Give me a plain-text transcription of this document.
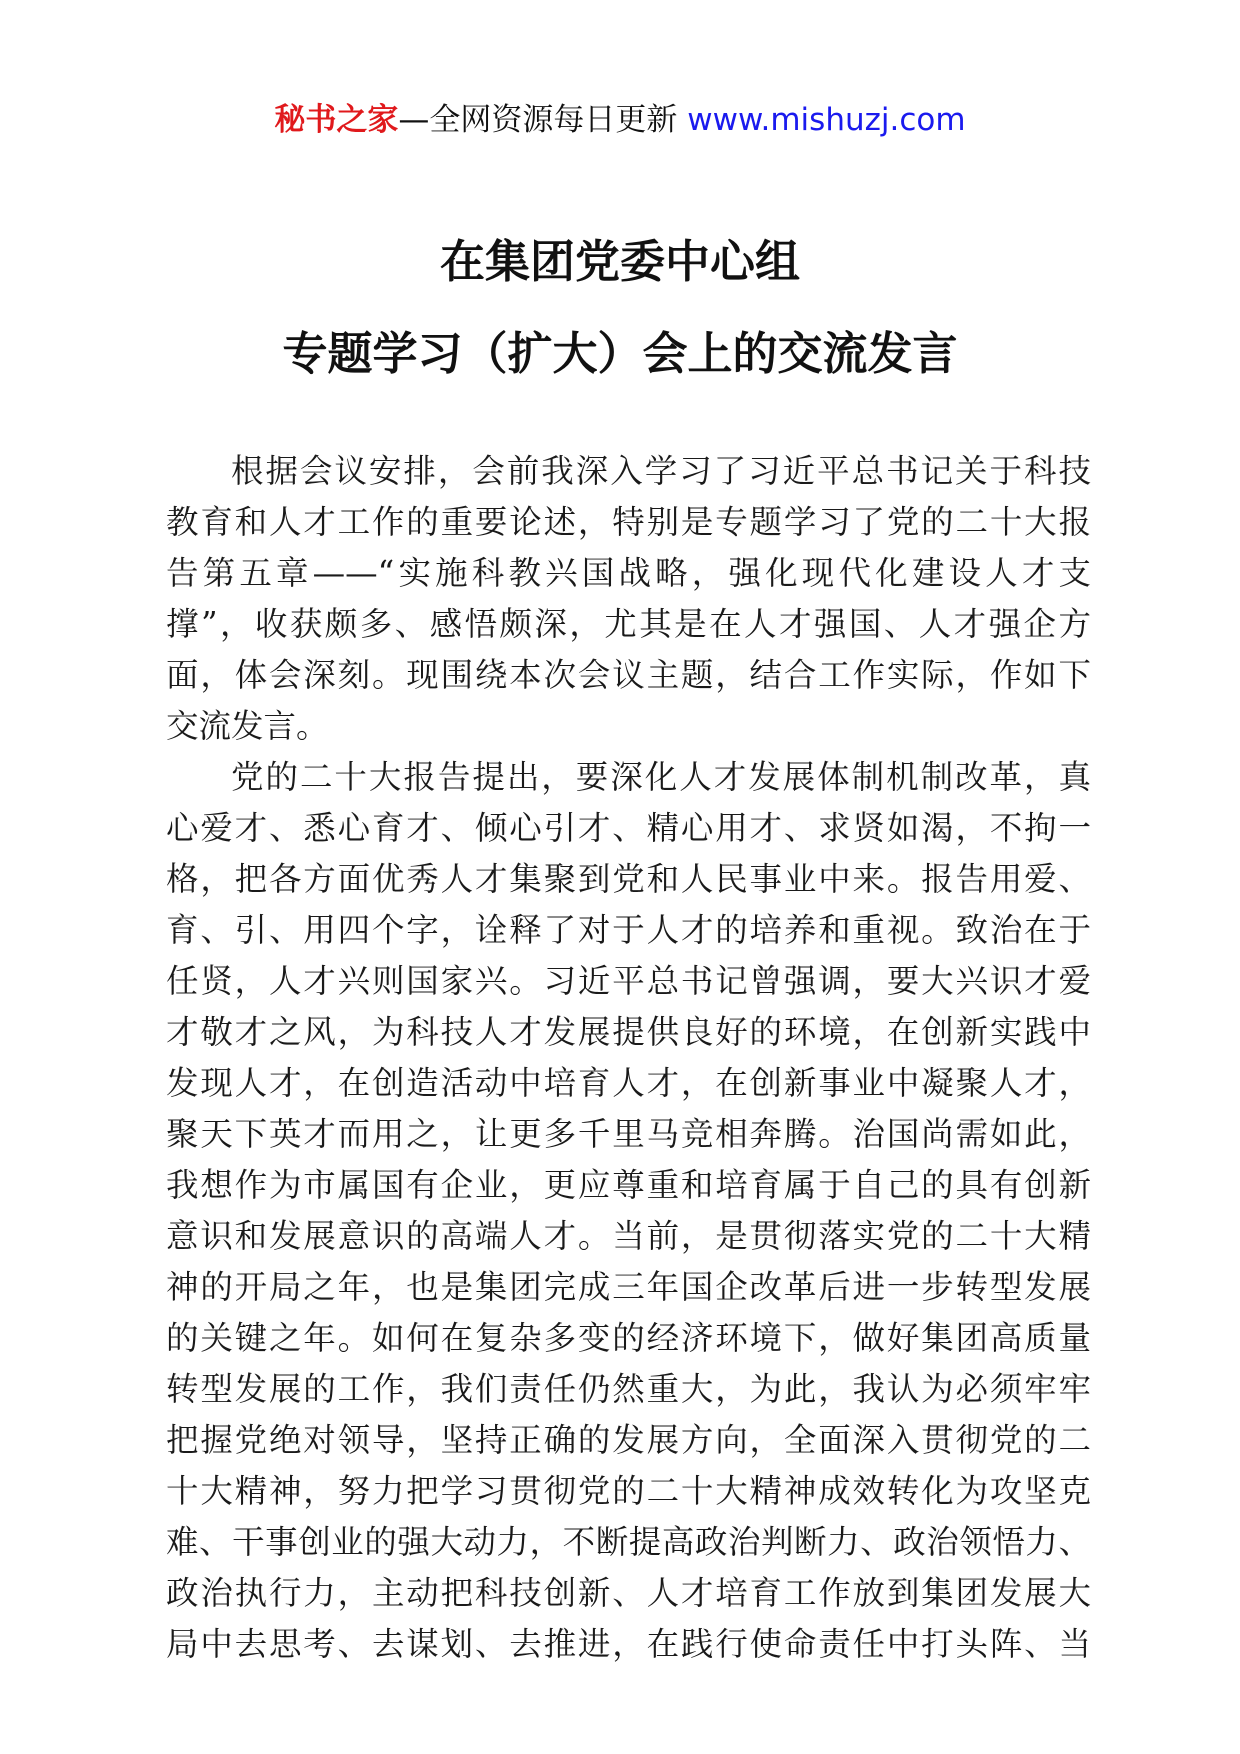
秘书之家—全网资源每日更新 www.mishuzj.com
在集团党委中心组
专题学习（扩大）会上的交流发言
根据会议安排，会前我深入学习了习近平总书记关于科技
教育和人才工作的重要论述，特别是专题学习了党的二十大报
告第五章——“实施科教兴国战略，强化现代化建设人才支
撑”，收获颇多、感悟颇深，尤其是在人才强国、人才强企方
面，体会深刻。现围绕本次会议主题，结合工作实际，作如下
交流发言。
党的二十大报告提出，要深化人才发展体制机制改革，真
心爱才、悉心育才、倾心引才、精心用才、求贤如渴，不拘一
格，把各方面优秀人才集聚到党和人民事业中来。报告用爱、
育、引、用四个字，诠释了对于人才的培养和重视。致治在于
任贤，人才兴则国家兴。习近平总书记曾强调，要大兴识才爱
才敬才之风，为科技人才发展提供良好的环境，在创新实践中
发现人才，在创造活动中培育人才，在创新事业中凝聚人才，
聚天下英才而用之，让更多千里马竞相奔腾。治国尚需如此，
我想作为市属国有企业，更应尊重和培育属于自己的具有创新
意识和发展意识的高端人才。当前，是贯彻落实党的二十大精
神的开局之年，也是集团完成三年国企改革后进一步转型发展
的关键之年。如何在复杂多变的经济环境下，做好集团高质量
转型发展的工作，我们责任仍然重大，为此，我认为必须牢牢
把握党绝对领导，坚持正确的发展方向，全面深入贯彻党的二
十大精神，努力把学习贯彻党的二十大精神成效转化为攻坚克
难、干事创业的强大动力，不断提高政治判断力、政治领悟力、
政治执行力，主动把科技创新、人才培育工作放到集团发展大
局中去思考、去谋划、去推进，在践行使命责任中打头阵、当
